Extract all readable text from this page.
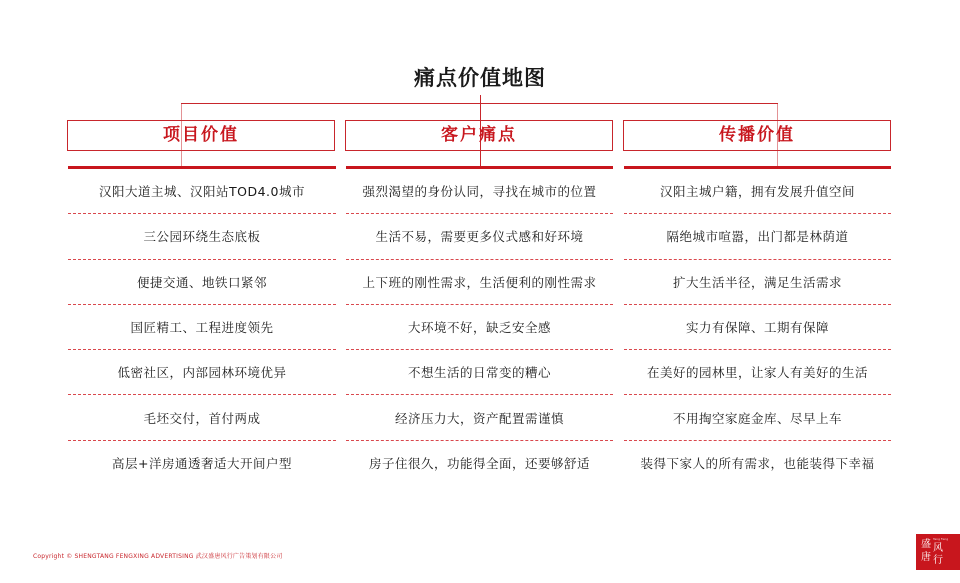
痛点价值地图
项目价值	客户痛点	传播价值
汉阳大道主城、汉阳站TOD4.0城市
三公园环绕生态底板
便捷交通、地铁口紧邻
国匠精工、工程进度领先
低密社区，内部园林环境优异
毛坯交付，首付两成
高层+洋房通透奢适大开间户型
强烈渴望的身份认同，寻找在城市的位置
生活不易，需要更多仪式感和好环境
上下班的刚性需求，生活便利的刚性需求
大环境不好，缺乏安全感
不想生活的日常变的糟心
经济压力大，资产配置需谨慎
房子住很久，功能得全面，还要够舒适
汉阳主城户籍，拥有发展升值空间
隔绝城市喧嚣，出门都是林荫道
扩大生活半径，满足生活需求
实力有保障、工期有保障
在美好的园林里，让家人有美好的生活
不用掏空家庭金库、尽早上车
装得下家人的所有需求，也能装得下幸福
Copyright © SHENGTANG FENGXING ADVERTISING 武汉盛唐风行广告策划有限公司
盛
唐
Tang Feng
风
行
